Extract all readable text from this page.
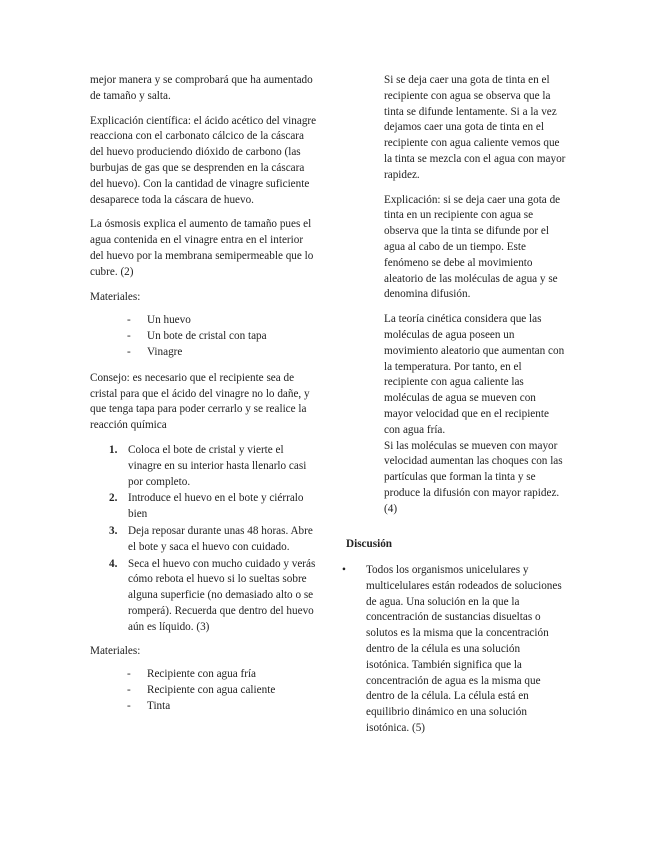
mejor manera y se comprobará que ha aumentado de tamaño y salta.

Explicación científica: el ácido acético del vinagre reacciona con el carbonato cálcico de la cáscara del huevo produciendo dióxido de carbono (las burbujas de gas que se desprenden en la cáscara del huevo). Con la cantidad de vinagre suficiente desaparece toda la cáscara de huevo.

La ósmosis explica el aumento de tamaño pues el agua contenida en el vinagre entra en el interior del huevo por la membrana semipermeable que lo cubre. (2)

Materiales:

- Un huevo
- Un bote de cristal con tapa
- Vinagre

Consejo: es necesario que el recipiente sea de cristal para que el ácido del vinagre no lo dañe, y que tenga tapa para poder cerrarlo y se realice la reacción química

1. Coloca el bote de cristal y vierte el vinagre en su interior hasta llenarlo casi por completo.
2. Introduce el huevo en el bote y ciérralo bien
3. Deja reposar durante unas 48 horas. Abre el bote y saca el huevo con cuidado.
4. Seca el huevo con mucho cuidado y verás cómo rebota el huevo si lo sueltas sobre alguna superficie (no demasiado alto o se romperá). Recuerda que dentro del huevo aún es líquido. (3)

Materiales:

- Recipiente con agua fría
- Recipiente con agua caliente
- Tinta

Si se deja caer una gota de tinta en el recipiente con agua se observa que la tinta se difunde lentamente. Si a la vez dejamos caer una gota de tinta en el recipiente con agua caliente vemos que la tinta se mezcla con el agua con mayor rapidez.

Explicación: si se deja caer una gota de tinta en un recipiente con agua se observa que la tinta se difunde por el agua al cabo de un tiempo. Este fenómeno se debe al movimiento aleatorio de las moléculas de agua y se denomina difusión.

La teoría cinética considera que las moléculas de agua poseen un movimiento aleatorio que aumentan con la temperatura. Por tanto, en el recipiente con agua caliente las moléculas de agua se mueven con mayor velocidad que en el recipiente con agua fría.

Si las moléculas se mueven con mayor velocidad aumentan las choques con las partículas que forman la tinta y se produce la difusión con mayor rapidez. (4)

Discusión
• Todos los organismos unicelulares y multicelulares están rodeados de soluciones de agua. Una solución en la que la concentración de sustancias disueltas o solutos es la misma que la concentración dentro de la célula es una solución isotónica. También significa que la concentración de agua es la misma que dentro de la célula. La célula está en equilibrio dinámico en una solución isotónica. (5)
